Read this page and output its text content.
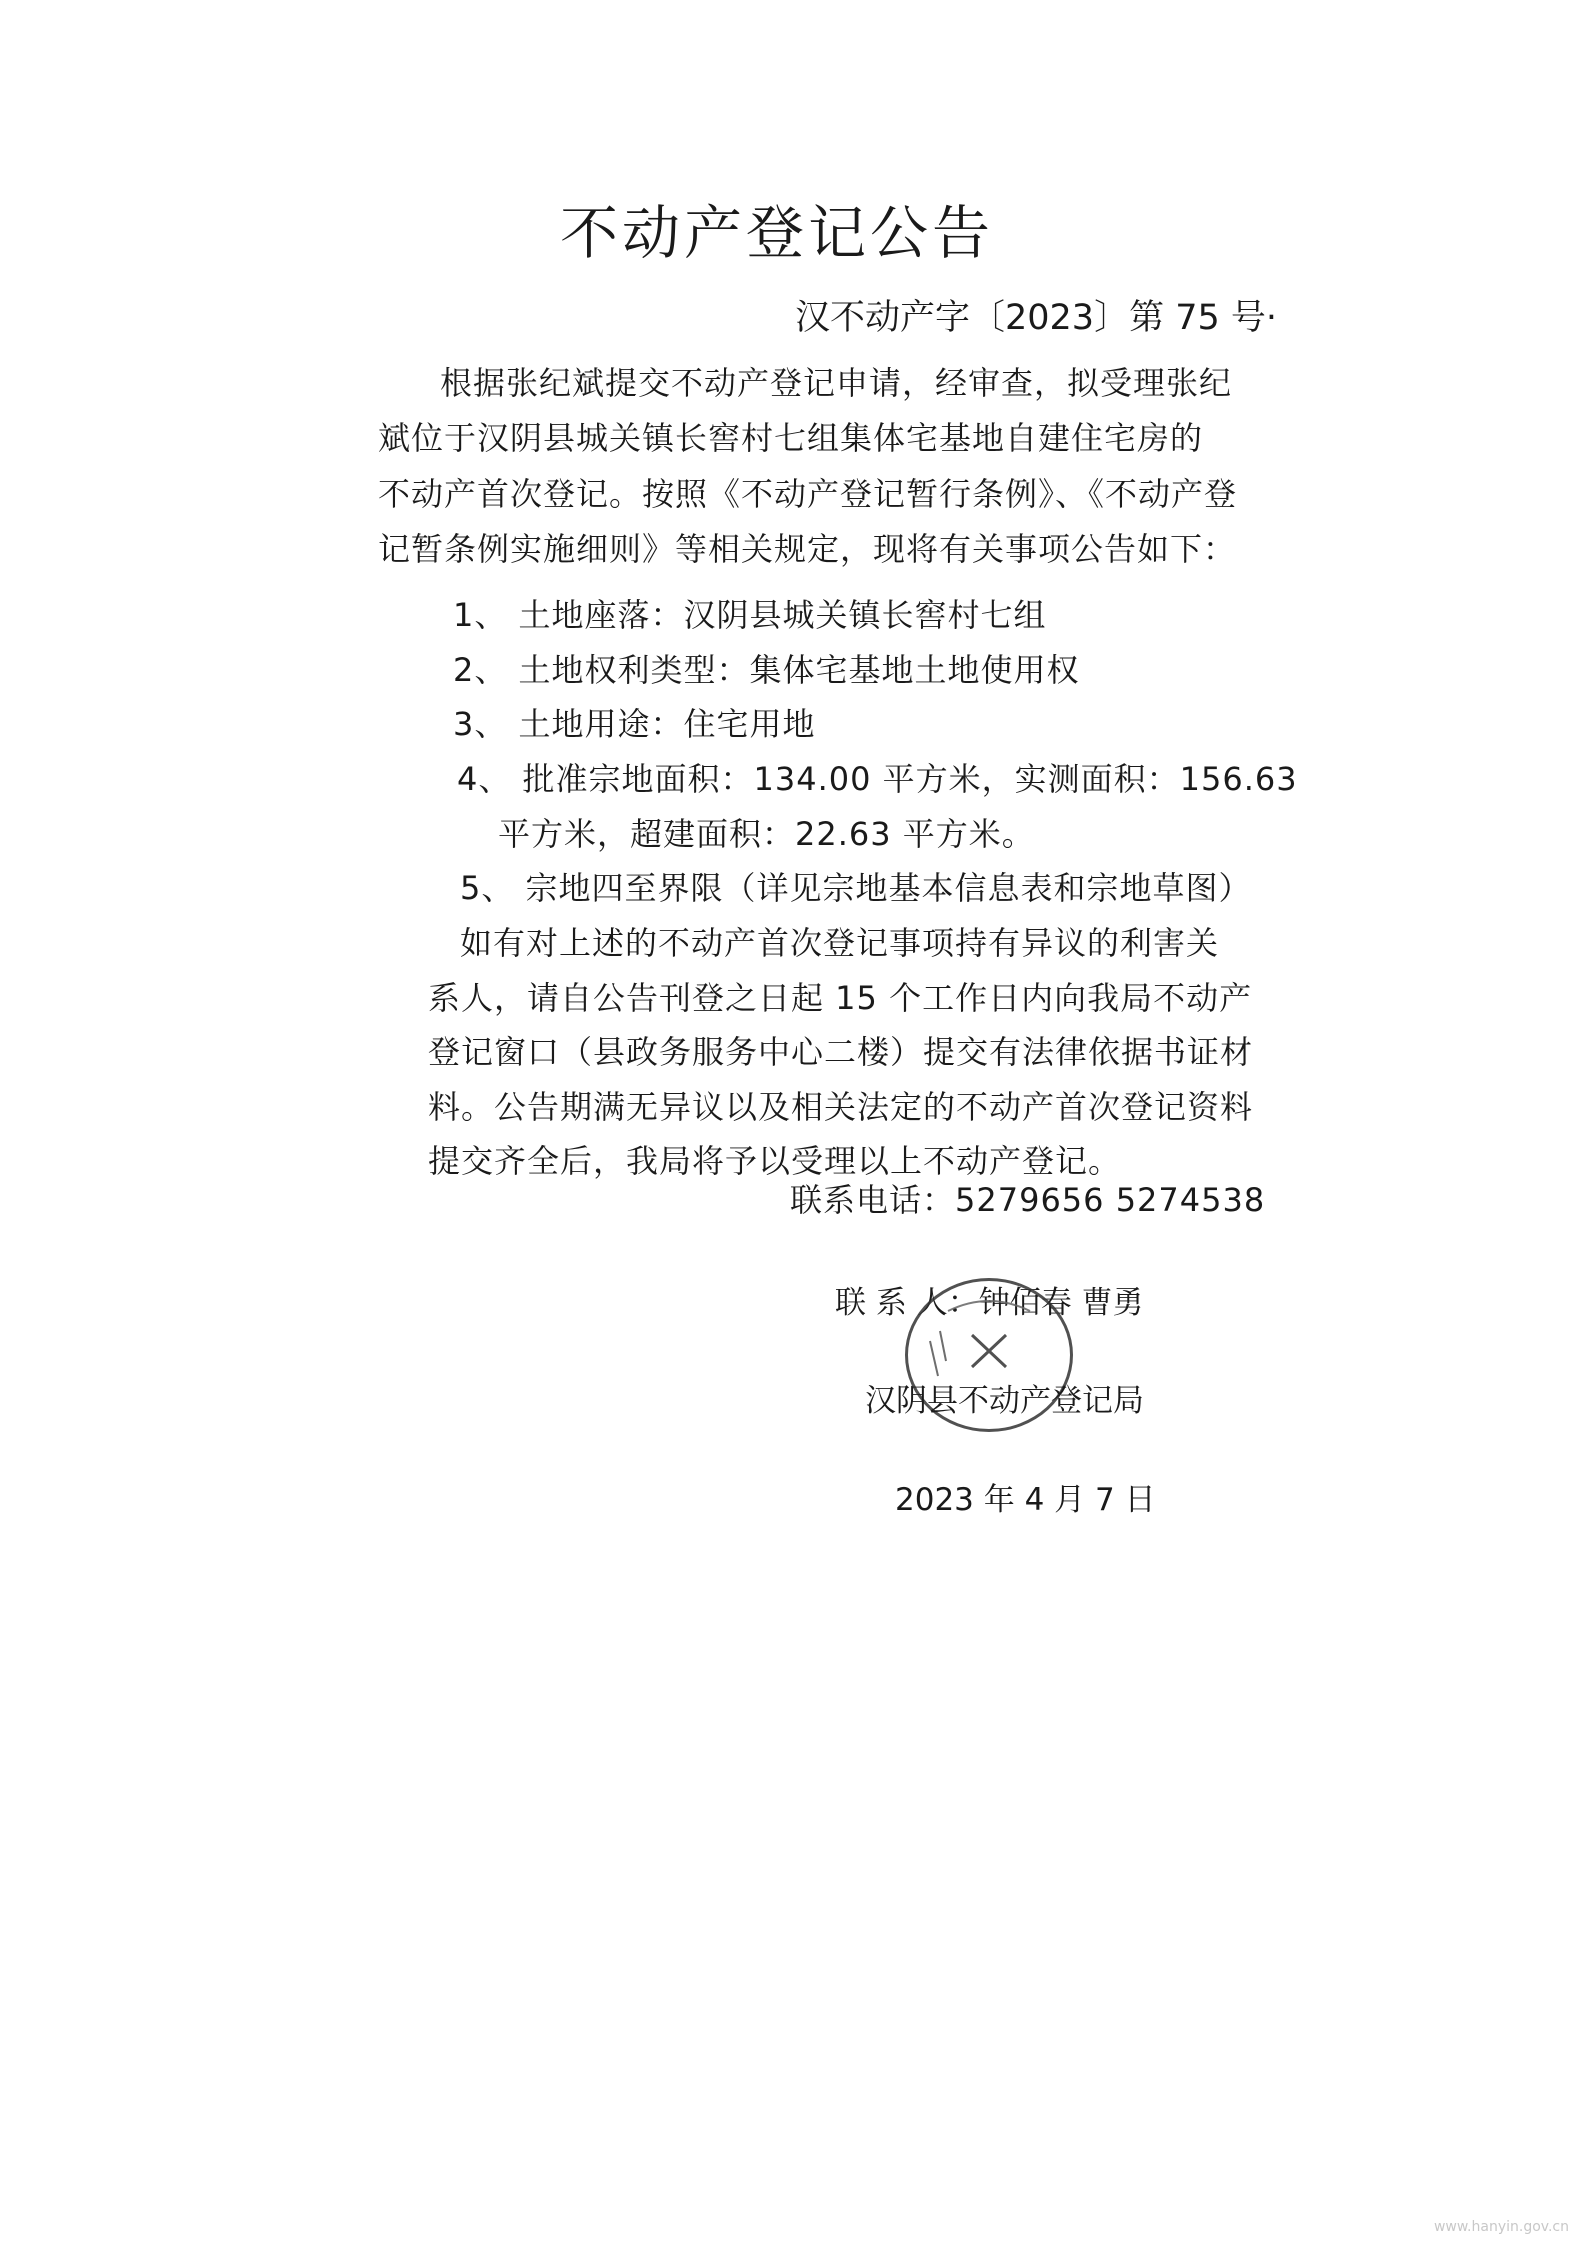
不动产登记公告
汉不动产字〔2023〕第 75 号·
根据张纪斌提交不动产登记申请，经审查，拟受理张纪
斌位于汉阴县城关镇长窖村七组集体宅基地自建住宅房的
不动产首次登记。按照《不动产登记暂行条例》、《不动产登
记暂条例实施细则》等相关规定，现将有关事项公告如下：
1、 土地座落：汉阴县城关镇长窖村七组
2、 土地权利类型：集体宅基地土地使用权
3、 土地用途：住宅用地
4、 批准宗地面积：134.00 平方米，实测面积：156.63
平方米，超建面积：22.63 平方米。
5、 宗地四至界限（详见宗地基本信息表和宗地草图）
如有对上述的不动产首次登记事项持有异议的利害关
系人，请自公告刊登之日起 15 个工作日内向我局不动产
登记窗口（县政务服务中心二楼）提交有法律依据书证材
料。公告期满无异议以及相关法定的不动产首次登记资料
提交齐全后，我局将予以受理以上不动产登记。
联系电话：5279656 5274538
联 系 人：钟佰春 曹勇
汉阴县不动产登记局
2023 年 4 月 7 日
www.hanyin.gov.cn
